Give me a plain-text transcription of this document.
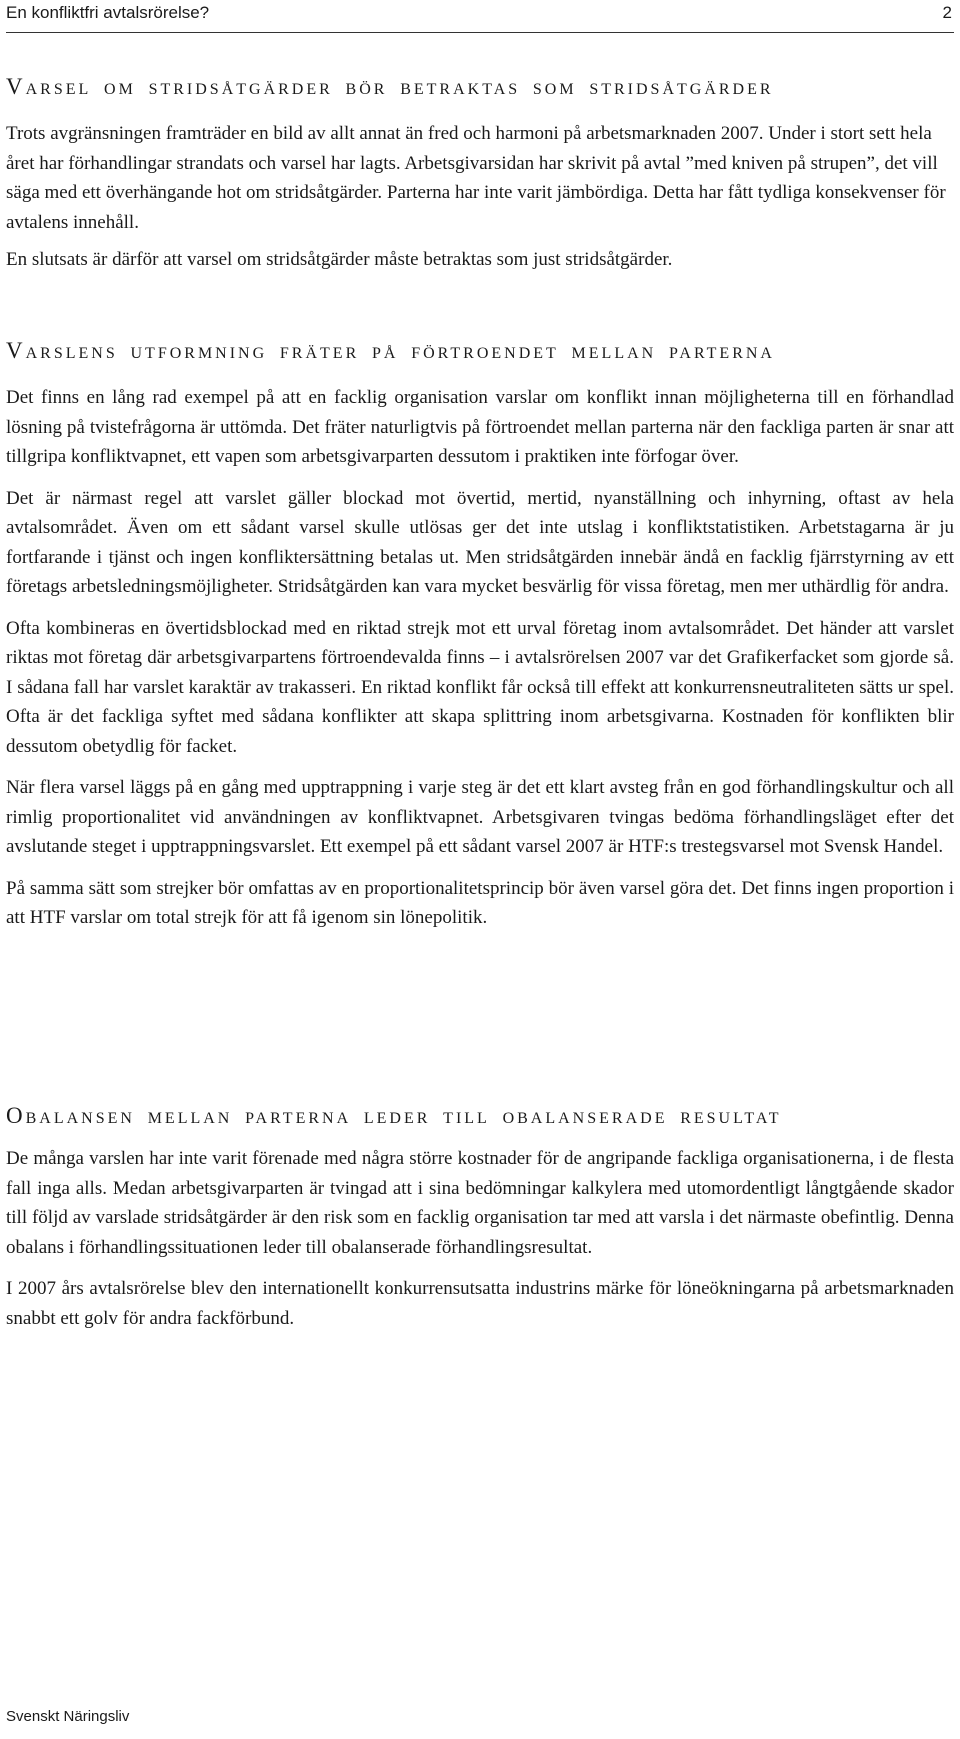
En konfliktfri avtalsrörelse?	2
Varsel om stridsåtgärder bör betraktas som stridsåtgärder

Trots avgränsningen framträder en bild av allt annat än fred och harmoni på arbetsmarknaden 2007. Under i stort sett hela året har förhandlingar strandats och varsel har lagts. Arbetsgivarsidan har skrivit på avtal ”med kniven på strupen”, det vill säga med ett överhängande hot om stridsåtgärder. Parterna har inte varit jämbördiga. Detta har fått tydliga konsekvenser för avtalens innehåll.

En slutsats är därför att varsel om stridsåtgärder måste betraktas som just stridsåtgärder.

Varslens utformning fräter på förtroendet mellan parterna

Det finns en lång rad exempel på att en facklig organisation varslar om konflikt innan möjligheterna till en förhandlad lösning på tvistefrågorna är uttömda. Det fräter naturligtvis på förtroendet mellan parterna när den fackliga parten är snar att tillgripa konfliktvapnet, ett vapen som arbetsgivarparten dessutom i praktiken inte förfogar över.

Det är närmast regel att varslet gäller blockad mot övertid, mertid, nyanställning och inhyrning, oftast av hela avtalsområdet. Även om ett sådant varsel skulle utlösas ger det inte utslag i konfliktstatistiken. Arbetstagarna är ju fortfarande i tjänst och ingen konfliktersättning betalas ut. Men stridsåtgärden innebär ändå en facklig fjärrstyrning av ett företags arbetsledningsmöjligheter. Stridsåtgärden kan vara mycket besvärlig för vissa företag, men mer uthärdlig för andra.

Ofta kombineras en övertidsblockad med en riktad strejk mot ett urval företag inom avtalsområdet. Det händer att varslet riktas mot företag där arbetsgivarpartens förtroendevalda finns – i avtalsrörelsen 2007 var det Grafikerfacket som gjorde så. I sådana fall har varslet karaktär av trakasseri. En riktad konflikt får också till effekt att konkurrensneutraliteten sätts ur spel. Ofta är det fackliga syftet med sådana konflikter att skapa splittring inom arbetsgivarna. Kostnaden för konflikten blir dessutom obetydlig för facket.

När flera varsel läggs på en gång med upptrappning i varje steg är det ett klart avsteg från en god förhandlingskultur och all rimlig proportionalitet vid användningen av konfliktvapnet. Arbetsgivaren tvingas bedöma förhandlingsläget efter det avslutande steget i upptrappningsvarslet. Ett exempel på ett sådant varsel 2007 är HTF:s trestegsvarsel mot Svensk Handel.

På samma sätt som strejker bör omfattas av en proportionalitetsprincip bör även varsel göra det. Det finns ingen proportion i att HTF varslar om total strejk för att få igenom sin lönepolitik.

Obalansen mellan parterna leder till obalanserade resultat

De många varslen har inte varit förenade med några större kostnader för de angripande fackliga organisationerna, i de flesta fall inga alls. Medan arbetsgivarparten är tvingad att i sina bedömningar kalkylera med utomordentligt långtgående skador till följd av varslade stridsåtgärder är den risk som en facklig organisation tar med att varsla i det närmaste obefintlig. Denna obalans i förhandlingssituationen leder till obalanserade förhandlingsresultat.

I 2007 års avtalsrörelse blev den internationellt konkurrensutsatta industrins märke för löneökningarna på arbetsmarknaden snabbt ett golv för andra fackförbund.

Svenskt Näringsliv
